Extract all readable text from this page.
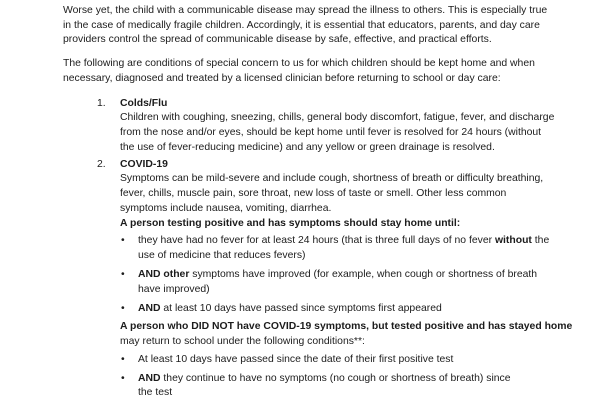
Worse yet, the child with a communicable disease may spread the illness to others. This is especially true
in the case of medically fragile children. Accordingly, it is essential that educators, parents, and day care
providers control the spread of communicable disease by safe, effective, and practical efforts.

The following are conditions of special concern to us for which children should be kept home and when
necessary, diagnosed and treated by a licensed clinician before returning to school or day care:

1.	Colds/Flu
Children with coughing, sneezing, chills, general body discomfort, fatigue, fever, and discharge
from the nose and/or eyes, should be kept home until fever is resolved for 24 hours (without
the use of fever-reducing medicine) and any yellow or green drainage is resolved.
2.	COVID-19
Symptoms can be mild-severe and include cough, shortness of breath or difficulty breathing,
fever, chills, muscle pain, sore throat, new loss of taste or smell. Other less common
symptoms include nausea, vomiting, diarrhea.
A person testing positive and has symptoms should stay home until:
•	they have had no fever for at least 24 hours (that is three full days of no fever without the
use of medicine that reduces fevers)
•	AND other symptoms have improved (for example, when cough or shortness of breath
have improved)
•	AND at least 10 days have passed since symptoms first appeared
A person who DID NOT have COVID-19 symptoms, but tested positive and has stayed home
may return to school under the following conditions**:
•	At least 10 days have passed since the date of their first positive test
•	AND they continue to have no symptoms (no cough or shortness of breath) since
the test
